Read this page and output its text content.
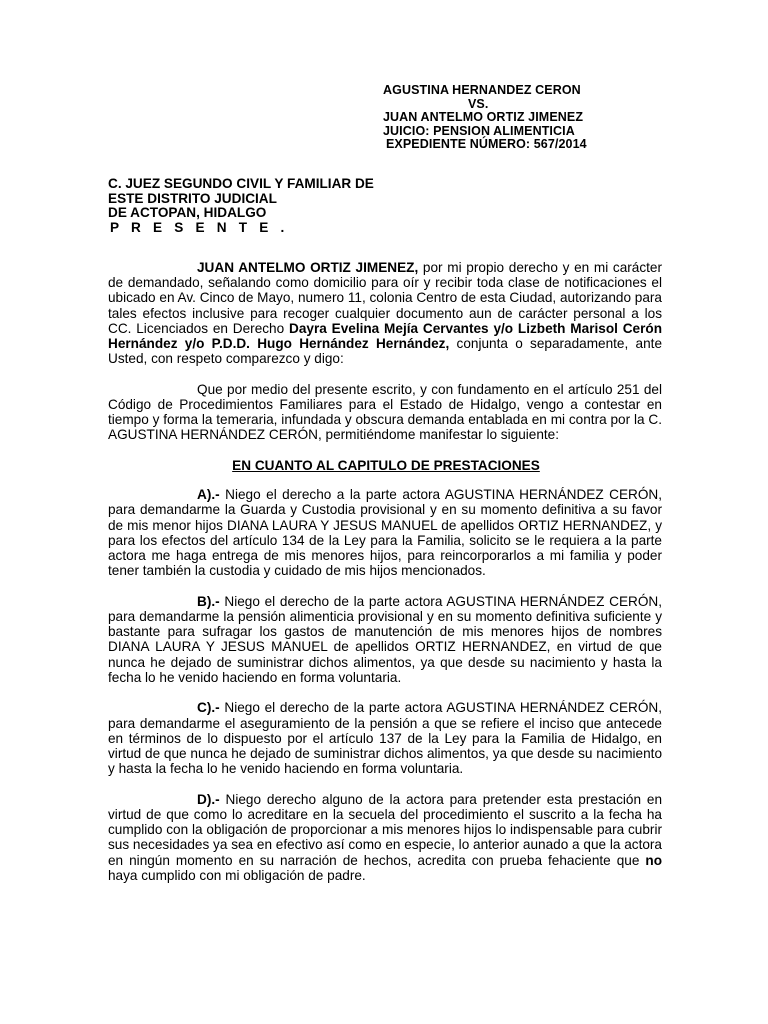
AGUSTINA HERNANDEZ CERON
VS.
JUAN ANTELMO ORTIZ JIMENEZ
JUICIO: PENSION ALIMENTICIA
EXPEDIENTE NÚMERO: 567/2014
C. JUEZ SEGUNDO CIVIL Y FAMILIAR DE
ESTE DISTRITO JUDICIAL
DE ACTOPAN, HIDALGO
P R E S E N T E .

JUAN ANTELMO ORTIZ JIMENEZ, por mi propio derecho y en mi carácter de demandado, señalando como domicilio para oír y recibir toda clase de notificaciones el ubicado en Av. Cinco de Mayo, numero 11, colonia Centro de esta Ciudad, autorizando para tales efectos inclusive para recoger cualquier documento aun de carácter personal a los CC. Licenciados en Derecho Dayra Evelina Mejía Cervantes y/o Lizbeth Marisol Cerón Hernández y/o P.D.D. Hugo Hernández Hernández, conjunta o separadamente, ante Usted, con respeto comparezco y digo:

Que por medio del presente escrito, y con fundamento en el artículo 251 del Código de Procedimientos Familiares para el Estado de Hidalgo, vengo a contestar en tiempo y forma la temeraria, infundada y obscura demanda entablada en mi contra por la C. AGUSTINA HERNÁNDEZ CERÓN, permitiéndome manifestar lo siguiente:

EN CUANTO AL CAPITULO DE PRESTACIONES

A).- Niego el derecho a la parte actora AGUSTINA HERNÁNDEZ CERÓN, para demandarme la Guarda y Custodia provisional y en su momento definitiva a su favor de mis menor hijos DIANA LAURA Y JESUS MANUEL de apellidos ORTIZ HERNANDEZ, y para los efectos del artículo 134 de la Ley para la Familia, solicito se le requiera a la parte actora me haga entrega de mis menores hijos, para reincorporarlos a mi familia y poder tener también la custodia y cuidado de mis hijos mencionados.

B).- Niego el derecho de la parte actora AGUSTINA HERNÁNDEZ CERÓN, para demandarme la pensión alimenticia provisional y en su momento definitiva suficiente y bastante para sufragar los gastos de manutención de mis menores hijos de nombres DIANA LAURA Y JESUS MANUEL de apellidos ORTIZ HERNANDEZ, en virtud de que nunca he dejado de suministrar dichos alimentos, ya que desde su nacimiento y hasta la fecha lo he venido haciendo en forma voluntaria.

C).- Niego el derecho de la parte actora AGUSTINA HERNÁNDEZ CERÓN, para demandarme el aseguramiento de la pensión a que se refiere el inciso que antecede en términos de lo dispuesto por el artículo 137 de la Ley para la Familia de Hidalgo, en virtud de que nunca he dejado de suministrar dichos alimentos, ya que desde su nacimiento y hasta la fecha lo he venido haciendo en forma voluntaria.

D).- Niego derecho alguno de la actora para pretender esta prestación en virtud de que como lo acreditare en la secuela del procedimiento el suscrito a la fecha ha cumplido con la obligación de proporcionar a mis menores hijos lo indispensable para cubrir sus necesidades ya sea en efectivo así como en especie, lo anterior aunado a que la actora en ningún momento en su narración de hechos, acredita con prueba fehaciente que no haya cumplido con mi obligación de padre.
